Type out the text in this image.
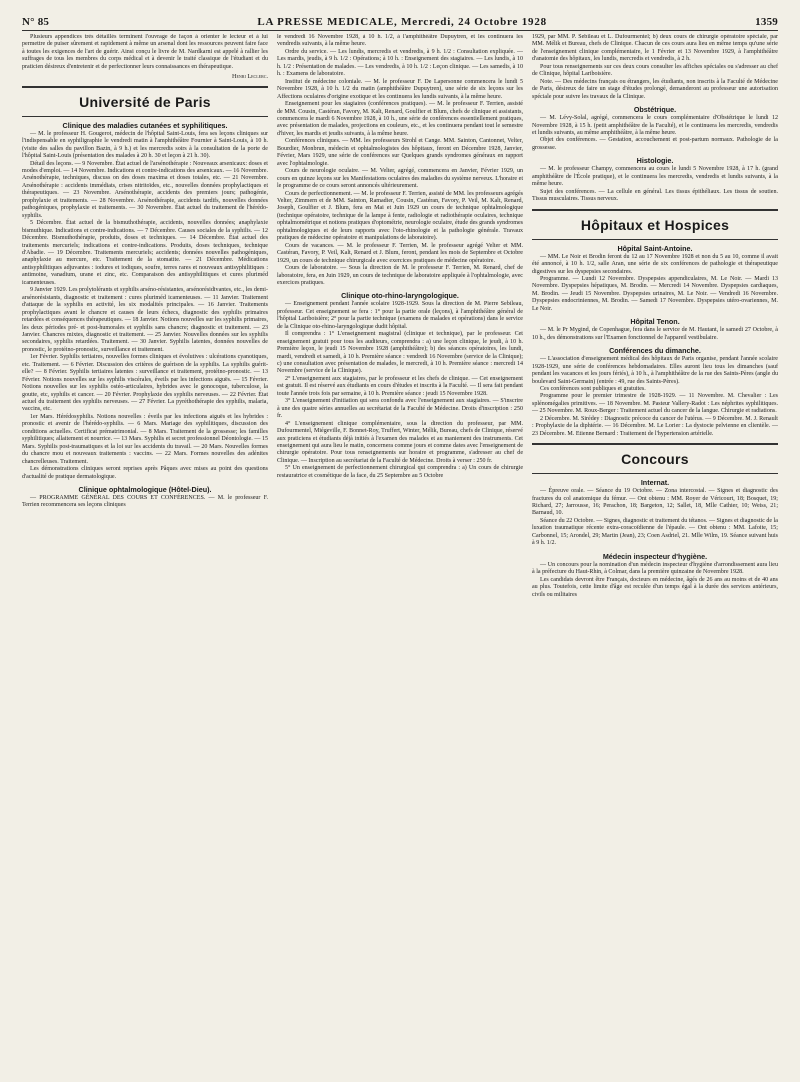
N° 85	LA PRESSE MEDICALE, Mercredi, 24 Octobre 1928	1359

Plusieurs appendices très détaillés terminent l'ouvrage de façon à orienter le lecteur et à lui permettre de puiser sûrement et rapidement à même un arsenal dont les ressources peuvent faire face à toutes les exigences de l'art de guérir. Ainsi conçu le livre de M. Nardkarni est appelé à rallier les suffrages de tous les membres du corps médical et à devenir le traité classique de l'étudiant et du praticien désireux d'entretenir et de perfectionner leurs connaissances en thérapeutique.

Henri Leclerc.
Université de Paris
Clinique des maladies cutanées et syphilitiques.

— M. le professeur H. Gougerot, médecin de l'hôpital Saint-Louis, fera ses leçons cliniques sur l'indispensable en syphiligraphie le vendredi matin à l'amphithéâtre Fournier à Saint-Louis, à 10 h. (visite des salles du pavillon Bazin, à 9 h.) et les mercredis soirs à la consultation de la porte de l'hôpital Saint-Louis (présentation des malades à 20 h. 30 et leçon à 21 h. 30).

Détail des leçons. — 9 Novembre. État actuel de l'arsénothérapie : Nouveaux arsenicaux: doses et modes d'emploi. — 14 Novembre. Indications et contre-indications des arsenicaux. — 16 Novembre. Arsénothérapie, techniques, discuss on des doses maxima et doses totales, etc. — 21 Novembre. Arsénothérapie : accidents immédiats, crises nitritoïdes, etc., nouvelles données prophylactiques et thérapeutiques. — 23 Novembre. Arsénothérapie, accidents des premiers jours; pathogénie, prophylaxie et traitements. — 28 Novembre. Arsénothérapie, accidents tardifs, nouvelles données pathogéniques, prophylaxie et traitements. — 30 Novembre. État actuel du traitement de l'hérédo-syphilis.

5 Décembre. État actuel de la bismuthothérapie, accidents, nouvelles données; anaphylaxie bismuthique. Indications et contre-indications. — 7 Décembre. Causes sociales de la syphilis. — 12 Décembre. Bismuthothérapie, produits, doses et techniques. — 14 Décembre. État actuel des traitements mercuriels; indications et contre-indications. Produits, doses techniques, technique d'Abadie. — 19 Décembre. Traitements mercuriels; accidents; données nouvelles pathogéniques, anaphylaxie au mercure, etc. Traitement de la stomatite. — 21 Décembre. Médications antisyphilitiques adjuvantes : iodures et iodiques, soufre, terres rares et nouveaux antisyphilitiques : antimoine, vanadium, urane et zinc, etc. Comparaison des antisyphilitiques et cures pluriméd icamenteuses.

9 Janvier 1929. Les prolytolérants et syphilis arséno-résistantes, arsénorésidivantes, etc., les demi-arsénorésistants, diagnostic et traitement : cures pluriméd icamenteuses. — 11 Janvier. Traitement d'attaque de la syphilis en activité, les six modalités principales. — 16 Janvier. Traitements prophylactiques avant le chancre et causes de leurs échecs, diagnostic des syphilis primaires retardées et conséquences thérapeutiques. — 18 Janvier. Notions nouvelles sur les syphilis primaires, les deux périodes pré- et post-humorales et syphilis sans chancre; diagnostic et traitement. — 23 Janvier. Chancres mixtes, diagnostic et traitement. — 25 Janvier. Nouvelles données sur les syphilis secondaires, syphilis retardées. Traitement. — 30 Janvier. Syphilis latentes, données nouvelles de pronostic, le protéino-pronostic, surveillance et traitement.

1er Février. Syphilis tertiaires, nouvelles formes cliniques et évolutives : ulcérations cyanotiques, etc. Traitement. — 6 Février. Discussion des critères de guérison de la syphilis. La syphilis guérit-elle? — 8 Février. Syphilis tertiaires latentes : surveillance et traitement, protéino-pronostic. — 13 Février. Notions nouvelles sur les syphilis viscérales, éveils par les infections aiguës. — 15 Février. Notions nouvelles sur les syphilis ostéo-articulaires, hybrides avec le gonocoque, tuberculose, la goutte, etc, syphilis et cancer. — 20 Février. Prophylaxie des syphilis nerveuses. — 22 Février. État actuel du traitement des syphilis nerveuses. — 27 Février. La pyréthothérapie des syphilis, malaria, vaccins, etc.

1er Mars. Hérédosyphilis. Notions nouvelles : éveils par les infections aiguës et les hybrides : pronostic et avenir de l'hérédo-syphilis. — 6 Mars. Mariage des syphilitiques, discussion des conditions actuelles. Certificat prématrimonial. — 8 Mars. Traitement de la grossesse; les familles syphilitiques; allaitement et nourrice. — 13 Mars. Syphilis et secret professionnel Déontologie. — 15 Mars. Syphilis post-traumatiques et la loi sur les accidents du travail. — 20 Mars. Nouvelles formes du chancre mou et nouveaux traitements : vaccins. — 22 Mars. Formes nouvelles des adénites chancrelleuses. Traitement.

Les démonstrations cliniques seront reprises après Pâques avec mises au point des questions d'actualité de pratique dermatologique.

Clinique ophtalmologique (Hôtel-Dieu).

— PROGRAMME GÉNÉRAL DES COURS ET CONFÉRENCES. — M. le professeur F. Terrien recommencera ses leçons cliniques

le vendredi 16 Novembre 1928, à 10 h. 1/2, à l'amphithéâtre Dupuytren, et les continuera les vendredis suivants, à la même heure.

Ordre du service. — Les lundis, mercredis et vendredis, à 9 h. 1/2 : Consultation expliquée. — Les mardis, jeudis, à 9 h. 1/2 : Opérations; à 10 h. : Enseignement des stagiaires. — Les lundis, à 10 h. 1/2 : Présentation de malades. — Les vendredis, à 10 h. 1/2 : Leçon clinique. — Les samedis, à 10 h. : Examens de laboratoire.

Institut de médecine coloniale. — M. le professeur F. De Lapersonne commencera le lundi 5 Novembre 1928, à 10 h. 1/2 du matin (amphithéâtre Dupuytren), une série de six leçons sur les Affections oculaires d'origine exotique et les continuera les lundis suivants, à la même heure.

Enseignement pour les stagiaires (conférences pratiques). — M. le professeur F. Terrien, assisté de MM. Cousin, Castéran, Favory, M. Kalt, Renard, Goulfier et Blum, chefs de clinique et assistants, commencera le mardi 6 Novembre 1928, à 10 h., une série de conférences essentiellement pratiques, avec présentation de malades, projections en couleurs, etc., et les continuera pendant tout le semestre d'hiver, les mardis et jeudis suivants, à la même heure.

Conférences cliniques. — MM. les professeurs Strohl et Cange. MM. Sainton, Cantonnet, Velter, Bourdier, Monbrun, médecin et ophtalmologistes des hôpitaux, feront en Décembre 1928, Janvier, Février, Mars 1929, une série de conférences sur Quelques grands syndromes généraux en rapport avec l'ophtalmologie.

Cours de neurologie oculaire. — M. Velter, agrégé, commencera en Janvier, Février 1929, un cours en quinze leçons sur les Manifestations oculaires des maladies du système nerveux. L'horaire et le programme de ce cours seront annoncés ultérieurement.

Cours de perfectionnement. — M. le professeur F. Terrien, assisté de MM. les professeurs agrégés Velter, Zimmern et de MM. Sainton, Ramadier, Cousin, Castéran, Favory, P. Veil, M. Kalt, Renard, Joseph, Goulfier et J. Blum, fera en Mai et Juin 1929 un cours de technique ophtalmologique (technique opératoire, technique de la lampe à fente, radiologie et radiothérapie oculaires, technique ophtalmométrique et notions pratiques d'optométrie, neurologie oculaire, étude des grands syndromes ophtalmologiques et de leurs rapports avec l'oto-rhinologie et la pathologie générale. Travaux pratiques de médecine opératoire et manipulations de laboratoire).

Cours de vacances. — M. le professeur F. Terrien, M. le professeur agrégé Velter et MM. Castéran, Favory, P. Veil, Kalt, Renard et J. Blum, feront, pendant les mois de Septembre et Octobre 1929, un cours de technique chirurgicale avec exercices pratiques de médecine opératoire.

Cours de laboratoire. — Sous la direction de M. le professeur F. Terrien, M. Renard, chef de laboratoire, fera, en Juin 1929, un cours de technique de laboratoire appliquée à l'ophtalmologie, avec exercices pratiques.

Clinique oto-rhino-laryngologique.

— Enseignement pendant l'année scolaire 1928-1929. Sous la direction de M. Pierre Sebileau, professeur. Cet enseignement se fera : 1° pour la partie orale (leçons), à l'amphithéâtre général de l'hôpital Lariboisière; 2° pour la partie technique (examens de malades et opérations) dans le service de la Clinique oto-rhino-laryngologique dudit hôpital.

Il comprendra : 1° L'enseignement magistral (clinique et technique), par le professeur. Cet enseignement gratuit pour tous les auditeurs, comprendra : a) une leçon clinique, le jeudi, à 10 h. Première leçon, le jeudi 15 Novembre 1928 (amphithéâtre); b) des séances opératoires, les lundi, mardi, vendredi et samedi, à 10 h. Première séance : vendredi 16 Novembre (service de la Clinique); c) une consultation avec présentation de malades, le mercredi, à 10 h. Première séance : mercredi 14 Novembre (service de la Clinique).

2° L'enseignement aux stagiaires, par le professeur et les chefs de clinique. — Cet enseignement est gratuit. Il est réservé aux étudiants en cours d'études et inscrits à la Faculté. — Il sera fait pendant toute l'année trois fois par semaine, à 10 h. Première séance : jeudi 15 Novembre 1928.

3° L'enseignement d'initiation qui sera confondu avec l'enseignement aux stagiaires. — S'inscrire à une des quatre séries annuelles au secrétariat de la Faculté de Médecine. Droits d'inscription : 250 fr.

4° L'enseignement clinique complémentaire, sous la direction du professeur, par MM. Dufourmentel, Miégeville, F. Bonnet-Roy, Truffert, Winter, Mélik, Bureau, chefs de Clinique, réservé aux praticiens et étudiants déjà initiés à l'examen des malades et au maniement des instruments. Cet enseignement qui aura lieu le matin, concernera comme jours et comme dates avec l'enseignement de chirurgie opératoire. Pour tous renseignements sur horaire et programme, s'adresser au chef de Clinique. — Inscription au secrétariat de la Faculté de Médecine. Droits à verser : 250 fr.

5° Un enseignement de perfectionnement chirurgical qui comprendra : a) Un cours de chirurgie restauratrice et cosmétique de la face, du 25 Septembre au 5 Octobre

1929, par MM. P. Sebileau et L. Dufourmentel; b) deux cours de chirurgie opératoire spéciale, par MM. Mélik et Bureau, chefs de Clinique. Chacun de ces cours aura lieu en même temps qu'une série de l'enseignement clinique complémentaire, le 1 Février et 13 Novembre 1929, à l'amphithéâtre d'anatomie des hôpitaux, les lundis, mercredis et vendredis, à 2 h.

Pour tous renseignements sur ces deux cours consulter les affiches spéciales ou s'adresser au chef de Clinique, hôpital Lariboisière.

Note. — Des médecins français ou étrangers, les étudiants, non inscrits à la Faculté de Médecine de Paris, désireux de faire un stage d'études prolongé, demanderont au professeur une autorisation spéciale pour suivre les travaux de la Clinique.

Obstétrique.

— M. Lévy-Solal, agrégé, commencera le cours complémentaire d'Obstétrique le lundi 12 Novembre 1928, à 15 h. (petit amphithéâtre de la Faculté), et le continuera les mercredis, vendredis et lundis suivants, au même amphithéâtre, à la même heure.

Objet des conférences. — Gestation, accouchement et post-partum normaux. Pathologie de la grossesse.

Histologie.

— M. le professeur Champy, commencera au cours le lundi 5 Novembre 1928, à 17 h. (grand amphithéâtre de l'École pratique), et le continuera les mercredis, vendredis et lundis suivants, à la même heure.

Sujet des conférences. — La cellule en général. Les tissus épithéliaux. Les tissus de soutien. Tissus musculaires. Tissus nerveux.

Hôpitaux et Hospices
Hôpital Saint-Antoine.

— MM. Le Noir et Brodin feront du 12 au 17 Novembre 1928 et non du 5 au 10, comme il avait été annoncé, à 10 h. 1/2, salle Aran, une série de six conférences de pathologie et thérapeutique digestives sur les dyspepsies secondaires.

Programme. — Lundi 12 Novembre. Dyspepsies appendiculaires, M. Le Noir. — Mardi 13 Novembre. Dyspepsies hépatiques, M. Brodin. — Mercredi 14 Novembre. Dyspepsies cardiaques, M. Brodin. — Jeudi 15 Novembre. Dyspepsies urinaires, M. Le Noir. — Vendredi 16 Novembre. Dyspepsies endocriniennes, M. Brodin. — Samedi 17 Novembre. Dyspepsies utéro-ovariennes, M. Le Noir.

Hôpital Tenon.

— M. le Pr Mygind, de Copenhague, fera dans le service de M. Hautant, le samedi 27 Octobre, à 10 h., des démonstrations sur l'Examen fonctionnel de l'appareil vestibulaire.

Conférences du dimanche.

— L'association d'enseignement médical des hôpitaux de Paris organise, pendant l'année scolaire 1928-1929, une série de conférences hebdomadaires. Elles auront lieu tous les dimanches (sauf pendant les vacances et les jours fériés), à 10 h., à l'amphithéâtre de la rue des Saints-Pères (angle du boulevard Saint-Germain) (entrée : 49, rue des Saints-Pères).

Ces conférences sont publiques et gratuites.

Programme pour le premier trimestre de 1928-1929. — 11 Novembre. M. Chevalier : Les splénomégalies primitives. — 18 Novembre. M. Pasteur Vallery-Radot : Les néphrites syphilitiques. — 25 Novembre. M. Roux-Berger : Traitement actuel du cancer de la langue. Chirurgie et radiations.

2 Décembre. M. Sirédey : Diagnostic précoce du cancer de l'utérus. — 9 Décembre. M. J. Renault : Prophylaxie de la diphtérie. — 16 Décembre. M. Le Lorier : La dystocie pelvienne en clientèle. — 23 Décembre. M. Etienne Bernard : Traitement de l'hypertension artérielle.

Concours
Internat.

— Épreuve orale. — Séance du 19 Octobre. — Zona intercostal. — Signes et diagnostic des fractures du col anatomique du fémur. — Ont obtenu : MM. Royer de Véricourt, 18; Bosquet, 19; Richard, 27; Jarrousse, 16; Perachon, 18; Bargeton, 12; Sallet, 18, Mlle Cathier, 10; Weiss, 21; Barnaud, 10.

Séance du 22 Octobre. — Signes, diagnostic et traitement du tétanos. — Signes et diagnostic de la luxation traumatique récente extra-coracoïdienne de l'épaule. — Ont obtenu : MM. Lafoite, 15; Carbonnel, 15; Arondel, 29; Martin (Jean), 23; Coen Asdriel, 21. Mlle Wilm, 19. Séance suivant huis à 9 h. 1/2.

Médecin inspecteur d'hygiène.

— Un concours pour la nomination d'un médecin inspecteur d'hygiène d'arrondissement aura lieu à la préfecture du Haut-Rhin, à Colmar, dans la première quinzaine de Novembre 1928.

Les candidats devront être Français, docteurs en médecine, âgés de 26 ans au moins et de 40 ans au plus. Toutefois, cette limite d'âge est reculée d'un temps égal à la durée des services antérieurs, civils ou militaires
